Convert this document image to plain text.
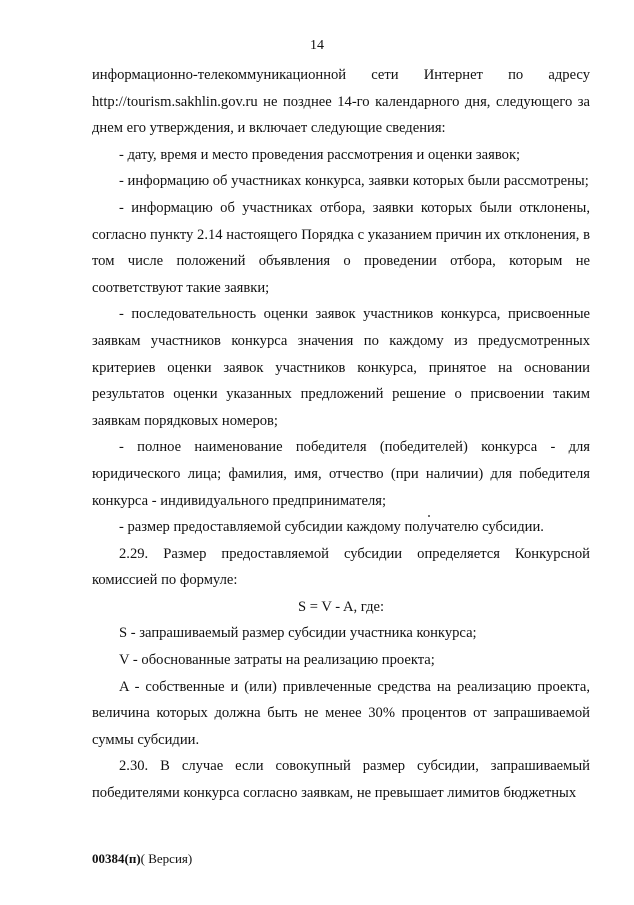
14

информационно-телекоммуникационной сети Интернет по адресу http://tourism.sakhlin.gov.ru не позднее 14-го календарного дня, следующего за днем его утверждения, и включает следующие сведения:

- дату, время и место проведения рассмотрения и оценки заявок;

- информацию об участниках конкурса, заявки которых были рассмотрены;

- информацию об участниках отбора, заявки которых были отклонены, согласно пункту 2.14 настоящего Порядка с указанием причин их отклонения, в том числе положений объявления о проведении отбора, которым не соответствуют такие заявки;

- последовательность оценки заявок участников конкурса, присвоенные заявкам участников конкурса значения по каждому из предусмотренных критериев оценки заявок участников конкурса, принятое на основании результатов оценки указанных предложений решение о присвоении таким заявкам порядковых номеров;

- полное наименование победителя (победителей) конкурса - для юридического лица; фамилия, имя, отчество (при наличии) для победителя конкурса - индивидуального предпринимателя;

- размер предоставляемой субсидии каждому получателю субсидии.

2.29. Размер предоставляемой субсидии определяется Конкурсной комиссией по формуле:

S = V - A, где:

S - запрашиваемый размер субсидии участника конкурса;

V - обоснованные затраты на реализацию проекта;

A - собственные и (или) привлеченные средства на реализацию проекта, величина которых должна быть не менее 30% процентов от запрашиваемой суммы субсидии.

2.30. В случае если совокупный размер субсидии, запрашиваемый победителями конкурса согласно заявкам, не превышает лимитов бюджетных

00384(п)( Версия)
